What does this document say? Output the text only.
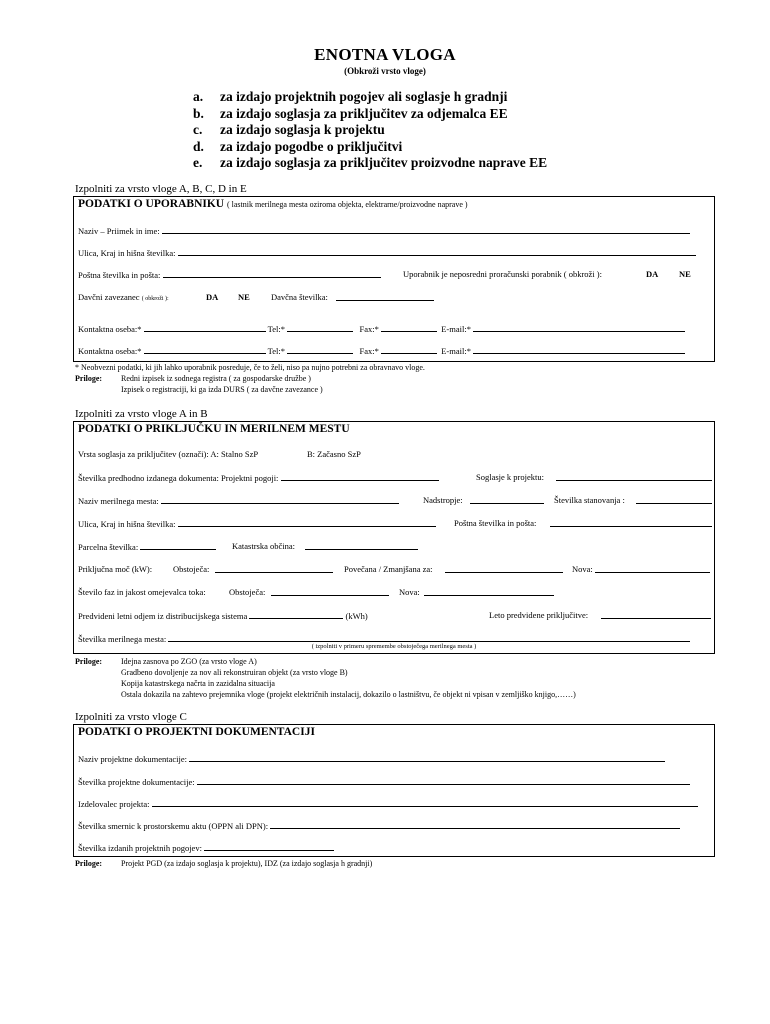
ENOTNA VLOGA
(Obkroži vrsto vloge)
a. za izdajo projektnih pogojev ali soglasje h gradnji
b. za izdajo soglasja za priključitev za odjemalca EE
c. za izdajo soglasja k projektu
d. za izdajo pogodbe o priključitvi
e. za izdajo soglasja za priključitev proizvodne naprave EE
Izpolniti za vrsto vloge A, B, C, D in E
PODATKI O UPORABNIKU ( lastnik merilnega mesta oziroma objekta, elektrarne/proizvodne naprave )
Naziv – Priimek in ime:
Ulica, Kraj in hišna številka:
Poštna številka in pošta:	Uporabnik je neposredni proračunski porabnik ( obkroži ):	DA NE
Davčni zavezanec ( obkroži ):	DA NE Davčna številka:
Kontaktna oseba:*	Tel:*	Fax:*	E-mail:*
Kontaktna oseba:*	Tel:*	Fax:*	E-mail:*
* Neobvezni podatki, ki jih lahko uporabnik posreduje, če to želi, niso pa nujno potrebni za obravnavo vloge.
Priloge: Redni izpisek iz sodnega registra ( za gospodarske družbe )
Izpisek o registraciji, ki ga izda DURS ( za davčne zavezance )
Izpolniti za vrsto vloge A in B
PODATKI O PRIKLJUČKU IN MERILNEM MESTU
Vrsta soglasja za priključitev (označi): A: Stalno SzP	B: Začasno SzP
Številka predhodno izdanega dokumenta: Projektni pogoji:	Soglasje k projektu:
Naziv merilnega mesta:	Nadstropje:	Številka stanovanja :
Ulica, Kraj in hišna številka:	Poštna številka in pošta:
Parcelna številka:	Katastrska občina:
Priključna moč (kW): Obstoječa:	Povečana / Zmanjšana za:	Nova:
Število faz in jakost omejevalca toka:	Obstoječa:	Nova:
Predvideni letni odjem iz distribucijskega sistema	(kWh)	Leto predvidene priključitve:
Številka merilnega mesta:
( izpolniti v primeru spremembe obstoječega merilnega mesta )
Priloge: Idejna zasnova po ZGO (za vrsto vloge A)
Gradbeno dovoljenje za nov ali rekonstruiran objekt (za vrsto vloge B)
Kopija katastrskega načrta in zazidalna situacija
Ostala dokazila na zahtevo prejemnika vloge (projekt električnih instalacij, dokazilo o lastništvu, če objekt ni vpisan v zemljiško knjigo,……)
Izpolniti za vrsto vloge C
PODATKI O PROJEKTNI DOKUMENTACIJI
Naziv projektne dokumentacije:
Številka projektne dokumentacije:
Izdelovalec projekta:
Številka smernic k prostorskemu aktu (OPPN ali DPN):
Številka izdanih projektnih pogojev:
Priloge: Projekt PGD (za izdajo soglasja k projektu), IDZ (za izdajo soglasja h gradnji)
